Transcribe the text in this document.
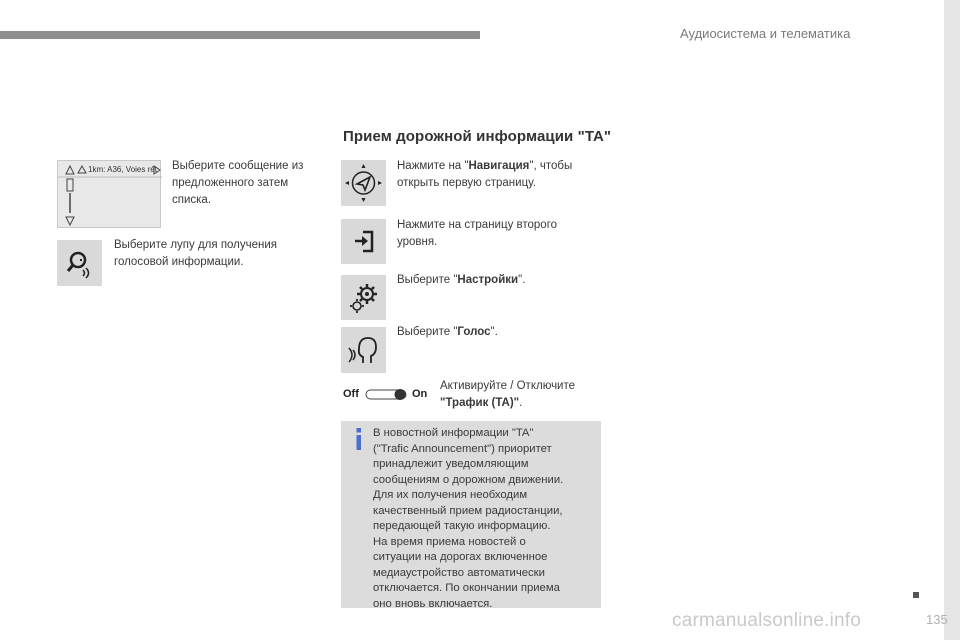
Аудиосистема и телематика
Прием дорожной информации "TA"
1km: A36, Voies rét Выберите сообщение из предложенного затем списка.
Выберите лупу для получения
голосовой информации.
Нажмите на "Навигация", чтобы
открыть первую страницу.
Нажмите на страницу второго
уровня.
Выберите "Настройки".
Выберите "Голос".
Off	On
Активируйте / Отключите
"Трафик (TA)".
В новостной информации "TA"
("Trafic Announcement") приоритет
принадлежит уведомляющим
сообщениям о дорожном движении.
Для их получения необходим
качественный прием радиостанции,
передающей такую информацию.
На время приема новостей о
ситуации на дорогах включенное
медиаустройство автоматически
отключается. По окончании приема
оно вновь включается.
carmanualsonline.info	135
